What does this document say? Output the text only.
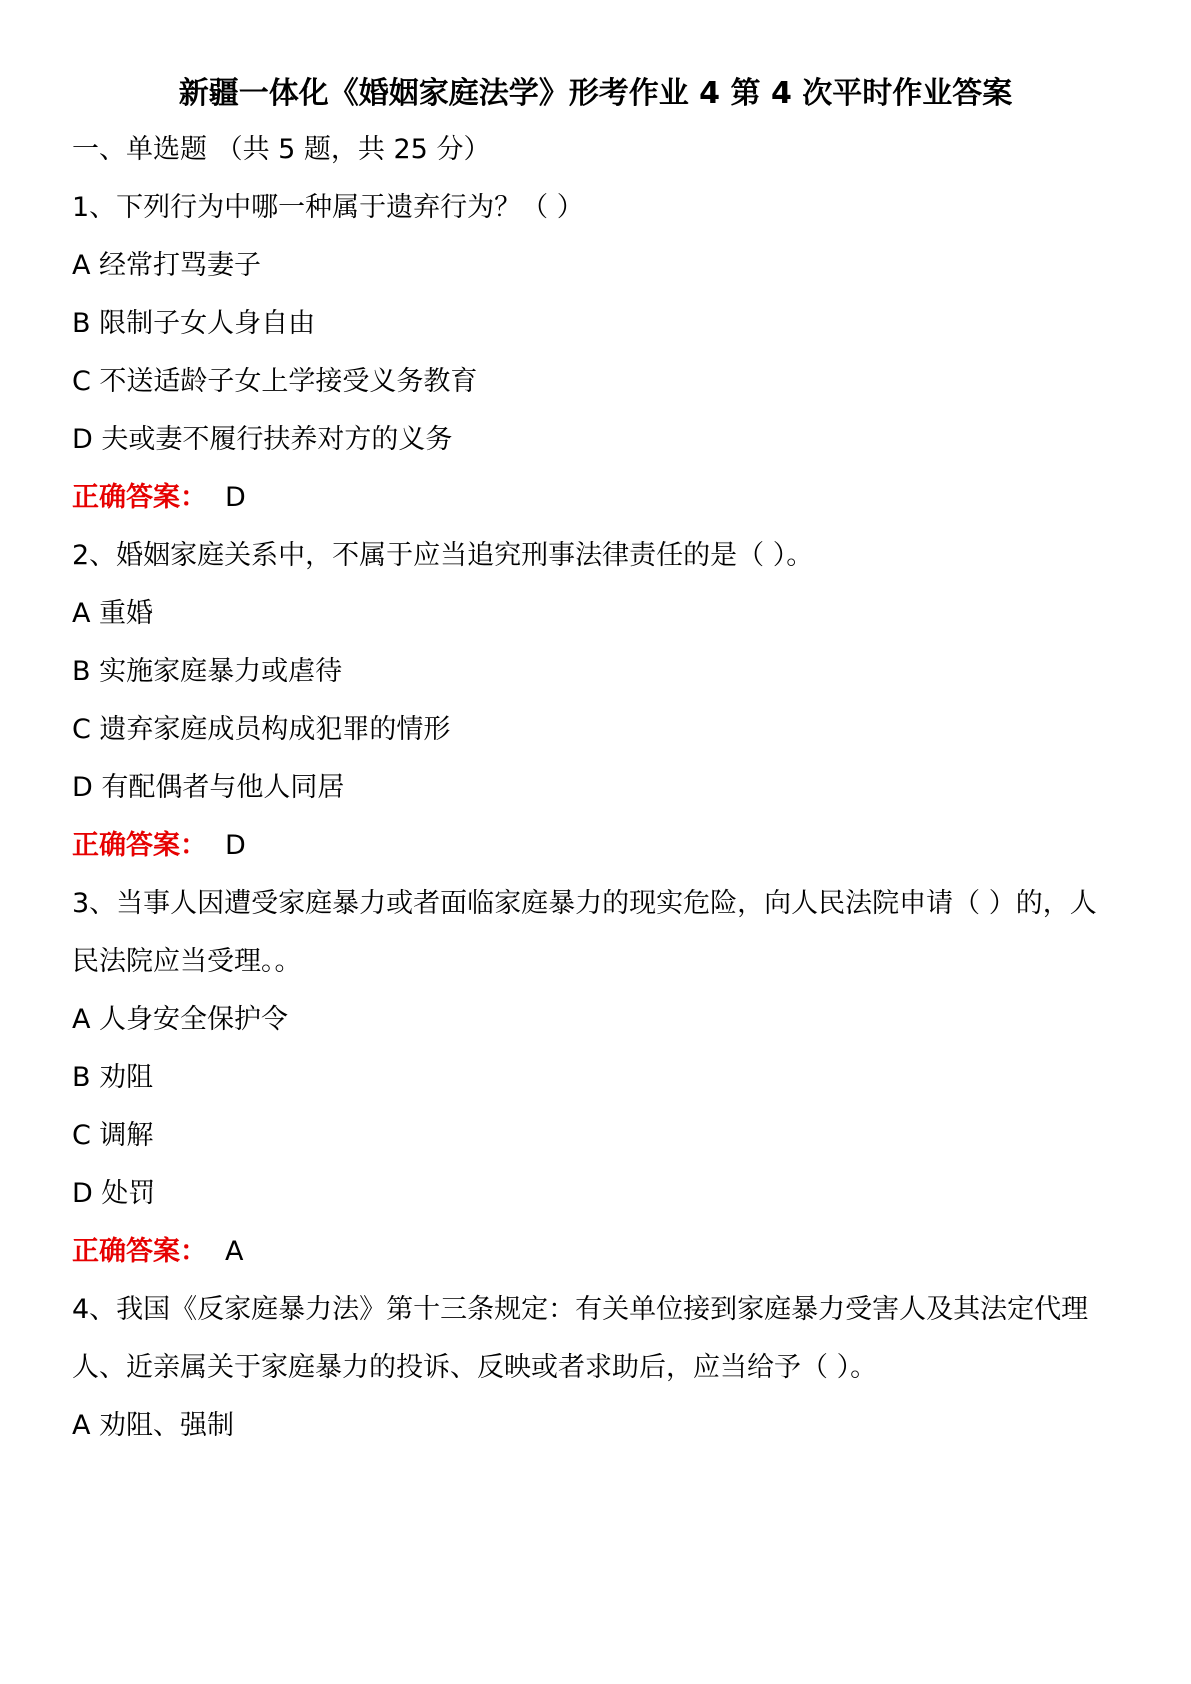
新疆一体化《婚姻家庭法学》形考作业 4 第 4 次平时作业答案
一、单选题 （共 5 题，共 25 分）
1、下列行为中哪一种属于遗弃行为？（ ）
A 经常打骂妻子
B 限制子女人身自由
C 不送适龄子女上学接受义务教育
D 夫或妻不履行扶养对方的义务
正确答案： D
2、婚姻家庭关系中，不属于应当追究刑事法律责任的是（ ）。
A 重婚
B 实施家庭暴力或虐待
C 遗弃家庭成员构成犯罪的情形
D 有配偶者与他人同居
正确答案： D
3、当事人因遭受家庭暴力或者面临家庭暴力的现实危险，向人民法院申请（ ）的，人
民法院应当受理。。
A 人身安全保护令
B 劝阻
C 调解
D 处罚
正确答案： A
4、我国《反家庭暴力法》第十三条规定：有关单位接到家庭暴力受害人及其法定代理
人、近亲属关于家庭暴力的投诉、反映或者求助后，应当给予（ ）。
A 劝阻、强制
